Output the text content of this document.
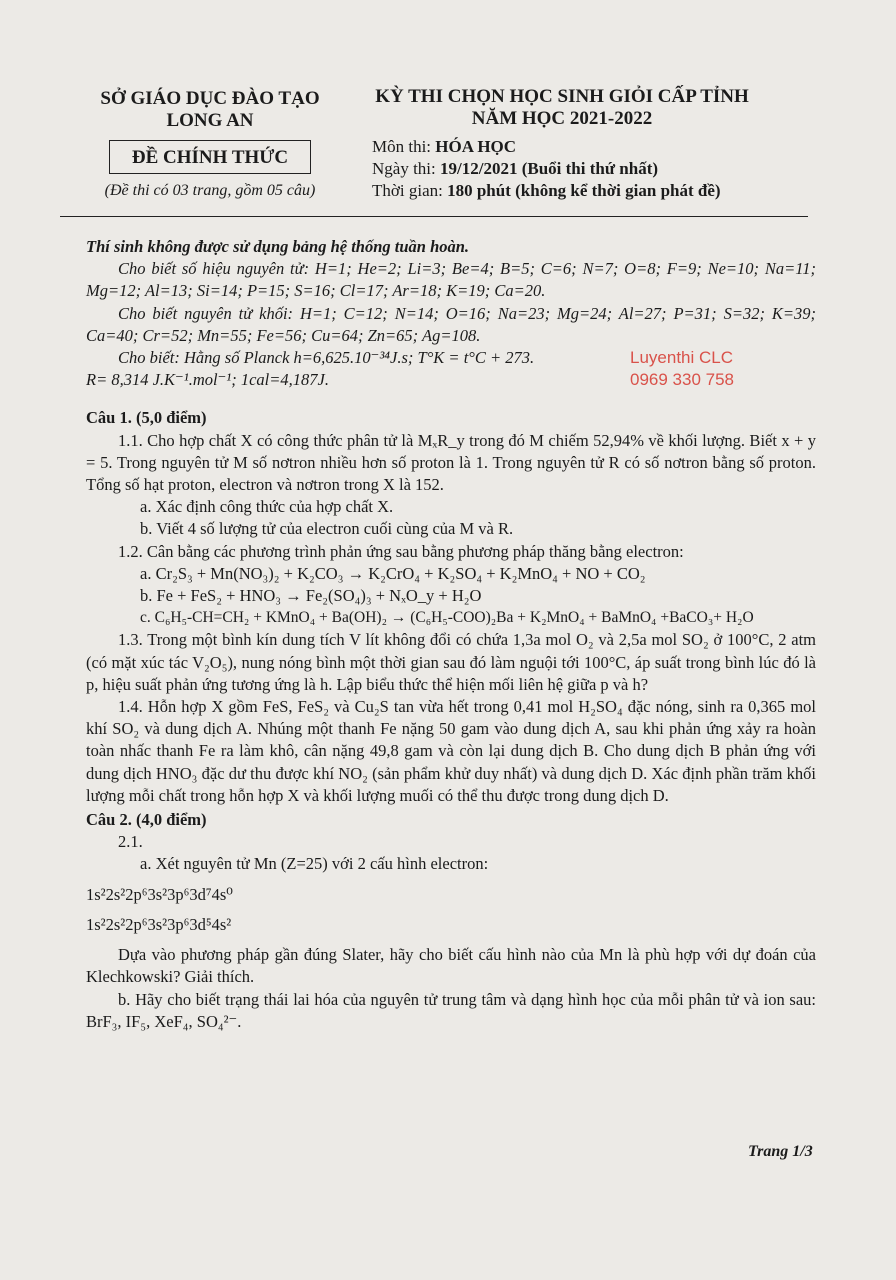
SỞ GIÁO DỤC ĐÀO TẠO
LONG AN
ĐỀ CHÍNH THỨC
(Đề thi có 03 trang, gồm 05 câu)
KỲ THI CHỌN HỌC SINH GIỎI CẤP TỈNH
NĂM HỌC 2021-2022
Môn thi: HÓA HỌC
Ngày thi: 19/12/2021 (Buổi thi thứ nhất)
Thời gian: 180 phút (không kể thời gian phát đề)
Luyenthi CLC
0969 330 758

Thí sinh không được sử dụng bảng hệ thống tuần hoàn.

Cho biết số hiệu nguyên tử: H=1; He=2; Li=3; Be=4; B=5; C=6; N=7; O=8; F=9; Ne=10; Na=11; Mg=12; Al=13; Si=14; P=15; S=16; Cl=17; Ar=18; K=19; Ca=20.

Cho biết nguyên tử khối: H=1; C=12; N=14; O=16; Na=23; Mg=24; Al=27; P=31; S=32; K=39; Ca=40; Cr=52; Mn=55; Fe=56; Cu=64; Zn=65; Ag=108.

Cho biết: Hằng số Planck h=6,625.10⁻³⁴J.s; T°K = t°C + 273.

R= 8,314 J.K⁻¹.mol⁻¹; 1cal=4,187J.

Câu 1. (5,0 điểm)

1.1. Cho hợp chất X có công thức phân tử là MₓR_y trong đó M chiếm 52,94% về khối lượng. Biết x + y = 5. Trong nguyên tử M số nơtron nhiều hơn số proton là 1. Trong nguyên tử R có số nơtron bằng số proton. Tổng số hạt proton, electron và nơtron trong X là 152.

a. Xác định công thức của hợp chất X.

b. Viết 4 số lượng tử của electron cuối cùng của M và R.

1.2. Cân bằng các phương trình phản ứng sau bằng phương pháp thăng bằng electron:

a. Cr₂S₃ + Mn(NO₃)₂ + K₂CO₃ → K₂CrO₄ + K₂SO₄ + K₂MnO₄ + NO + CO₂

b. Fe + FeS₂ + HNO₃ → Fe₂(SO₄)₃ + NₓO_y + H₂O

c. C₆H₅-CH=CH₂ + KMnO₄ + Ba(OH)₂ → (C₆H₅-COO)₂Ba + K₂MnO₄ + BaMnO₄ +BaCO₃+ H₂O

1.3. Trong một bình kín dung tích V lít không đổi có chứa 1,3a mol O₂ và 2,5a mol SO₂ ở 100°C, 2 atm (có mặt xúc tác V₂O₅), nung nóng bình một thời gian sau đó làm nguội tới 100°C, áp suất trong bình lúc đó là p, hiệu suất phản ứng tương ứng là h. Lập biểu thức thể hiện mối liên hệ giữa p và h?

1.4. Hỗn hợp X gồm FeS, FeS₂ và Cu₂S tan vừa hết trong 0,41 mol H₂SO₄ đặc nóng, sinh ra 0,365 mol khí SO₂ và dung dịch A. Nhúng một thanh Fe nặng 50 gam vào dung dịch A, sau khi phản ứng xảy ra hoàn toàn nhấc thanh Fe ra làm khô, cân nặng 49,8 gam và còn lại dung dịch B. Cho dung dịch B phản ứng với dung dịch HNO₃ đặc dư thu được khí NO₂ (sản phẩm khử duy nhất) và dung dịch D. Xác định phần trăm khối lượng mỗi chất trong hỗn hợp X và khối lượng muối có thể thu được trong dung dịch D.

Câu 2. (4,0 điểm)

2.1.

a. Xét nguyên tử Mn (Z=25) với 2 cấu hình electron:

1s²2s²2p⁶3s²3p⁶3d⁷4s⁰

1s²2s²2p⁶3s²3p⁶3d⁵4s²

Dựa vào phương pháp gần đúng Slater, hãy cho biết cấu hình nào của Mn là phù hợp với dự đoán của Klechkowski? Giải thích.

b. Hãy cho biết trạng thái lai hóa của nguyên tử trung tâm và dạng hình học của mỗi phân tử và ion sau: BrF₃, IF₅, XeF₄, SO₄²⁻.

Trang 1/3
